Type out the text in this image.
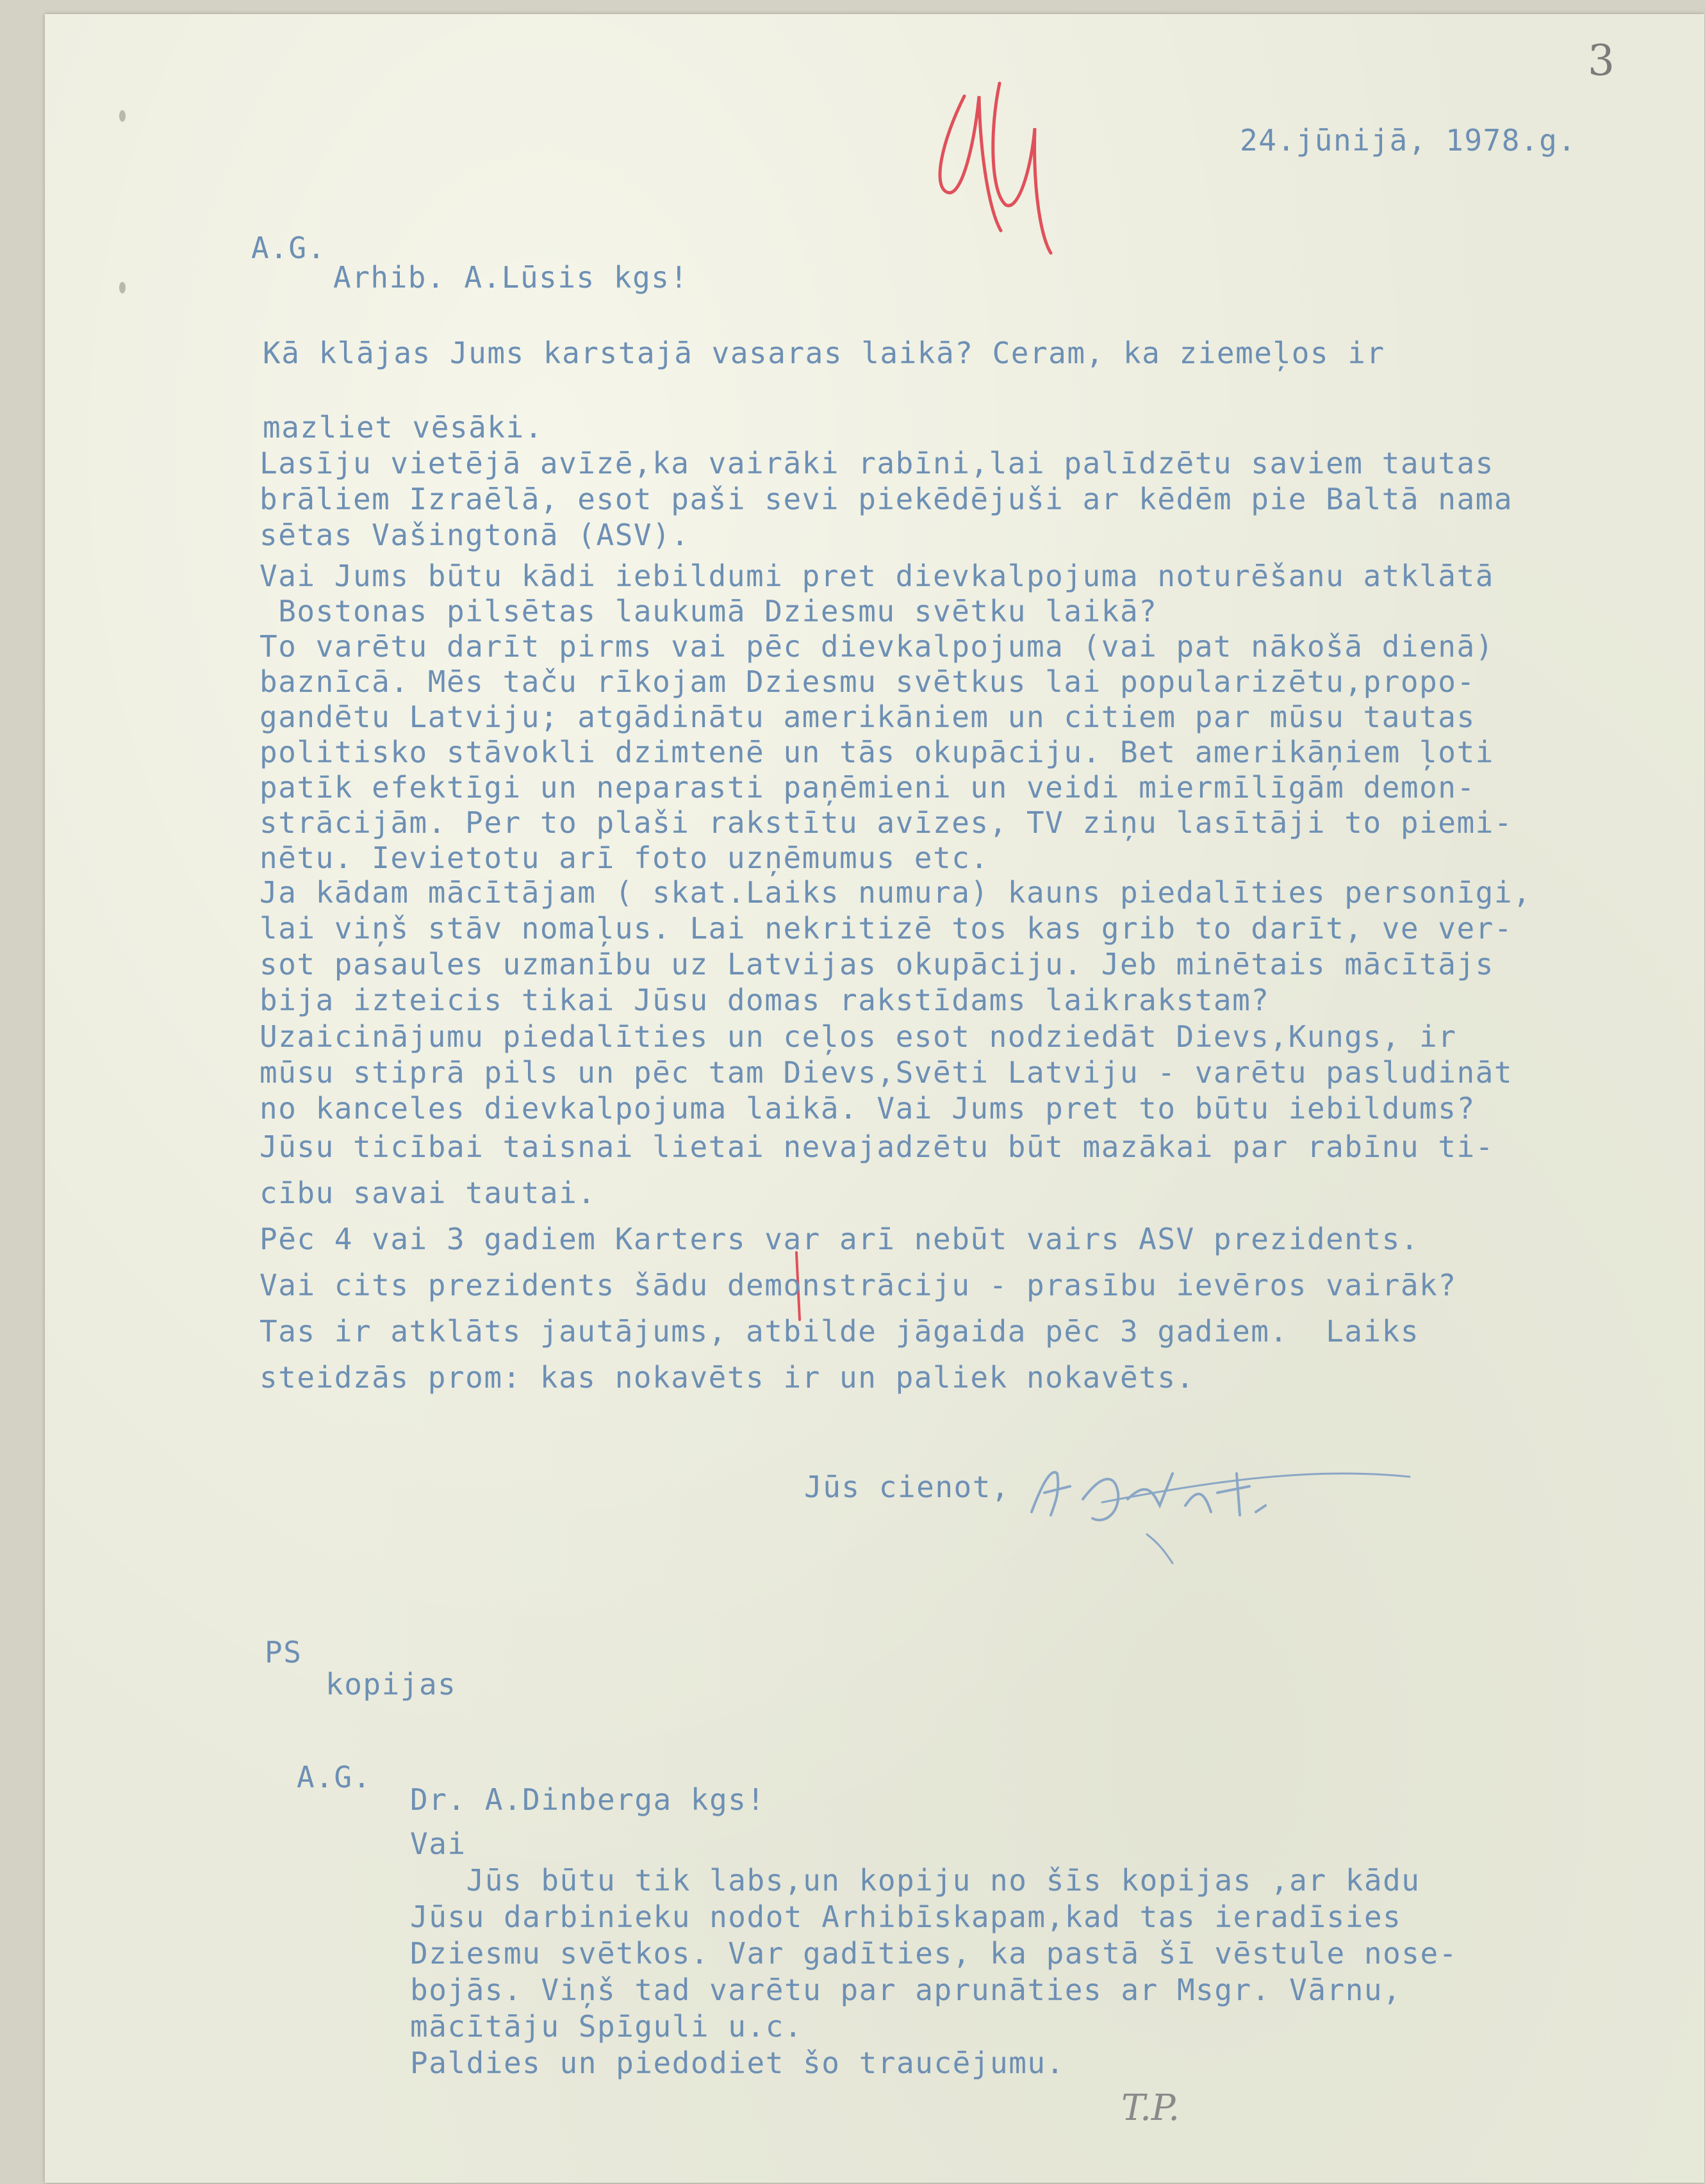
3
24.jūnijā, 1978.g.
A.G.
Arhib. A.Lūsis kgs!
Kā klājas Jums karstajā vasaras laikā? Ceram, ka ziemeļos ir

mazliet vēsāki.
Lasīju vietējā avīzē,ka vairāki rabīni,lai palīdzētu saviem tautas
brāliem Izraēlā, esot paši sevi piekēdējuši ar kēdēm pie Baltā nama
sētas Vašingtonā (ASV).
Vai Jums būtu kādi iebildumi pret dievkalpojuma noturēšanu atklātā
Bostonas pilsētas laukumā Dziesmu svētku laikā?
To varētu darīt pirms vai pēc dievkalpojuma (vai pat nākošā dienā)
baznīcā. Mēs taču rīkojam Dziesmu svētkus lai popularizētu,propo-
gandētu Latviju; atgādinātu amerikāniem un citiem par mūsu tautas
politisko stāvokli dzimtenē un tās okupāciju. Bet amerikāņiem ļoti
patīk efektīgi un neparasti paņēmieni un veidi miermīlīgām demon-
strācijām. Per to plaši rakstītu avīzes, TV ziņu lasītāji to piemi-
nētu. Ievietotu arī foto uzņēmumus etc.
Ja kādam mācītājam ( skat.Laiks numura) kauns piedalīties personīgi,
lai viņš stāv nomaļus. Lai nekritizē tos kas grib to darīt, ve ver-
sot pasaules uzmanību uz Latvijas okupāciju. Jeb minētais mācītājs
bija izteicis tikai Jūsu domas rakstīdams laikrakstam?
Uzaicinājumu piedalīties un ceļos esot nodziedāt Dievs,Kungs, ir
mūsu stiprā pils un pēc tam Dievs,Svēti Latviju - varētu pasludināt
no kanceles dievkalpojuma laikā. Vai Jums pret to būtu iebildums?
Jūsu ticībai taisnai lietai nevajadzētu būt mazākai par rabīnu ti-

cību savai tautai.

Pēc 4 vai 3 gadiem Karters var arī nebūt vairs ASV prezidents.

Vai cits prezidents šādu demonstrāciju - prasību ievēros vairāk?

Tas ir atklāts jautājums, atbilde jāgaida pēc 3 gadiem.  Laiks

steidzās prom: kas nokavēts ir un paliek nokavēts.
Jūs cienot,
PS
kopijas
A.G.
Dr. A.Dinberga kgs!
Vai
Jūs būtu tik labs,un kopiju no šīs kopijas ,ar kādu
Jūsu darbinieku nodot Arhibīskapam,kad tas ieradīsies
Dziesmu svētkos. Var gadīties, ka pastā šī vēstule nose-
bojās. Viņš tad varētu par aprunāties ar Msgr. Vārnu,
mācītāju Spīguli u.c.
Paldies un piedodiet šo traucējumu.
T.P.
